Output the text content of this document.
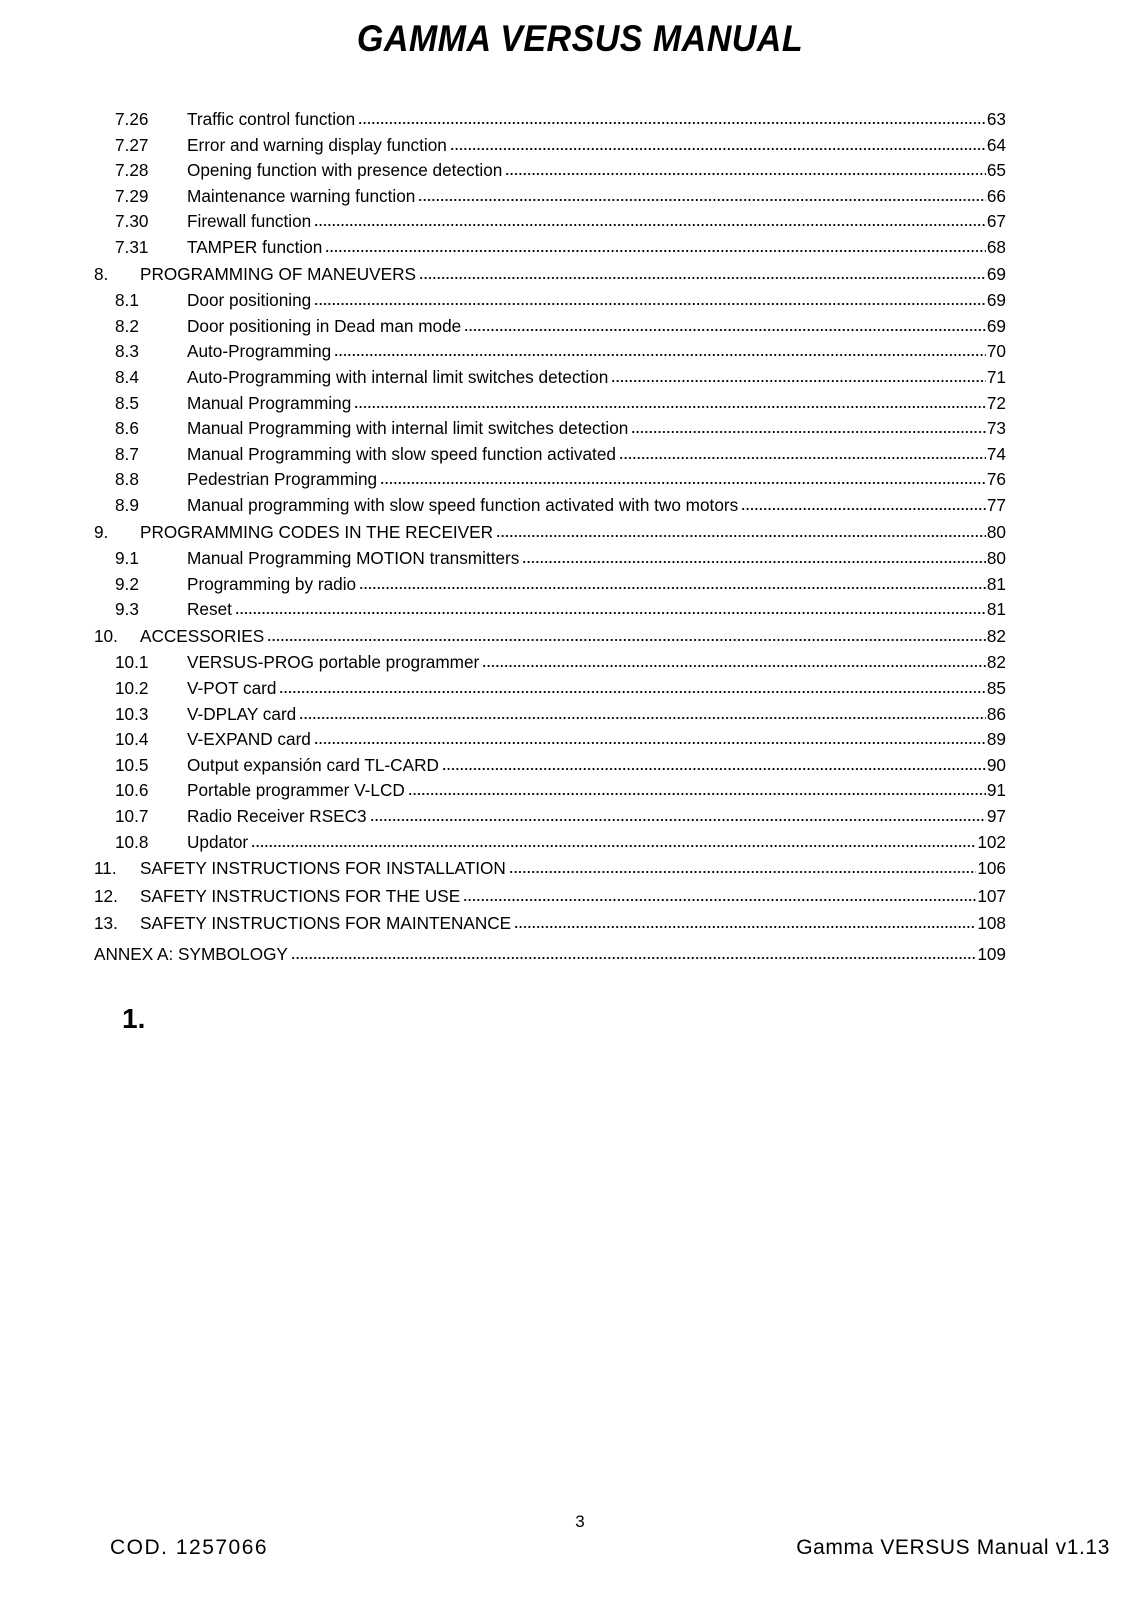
GAMMA VERSUS MANUAL
7.26	Traffic control function	63
7.27	Error and warning display function	64
7.28	Opening function with presence detection	65
7.29	Maintenance warning function	66
7.30	Firewall function	67
7.31	TAMPER function	68
8.	PROGRAMMING OF MANEUVERS	69
8.1	Door positioning	69
8.2	Door positioning in Dead man mode	69
8.3	Auto-Programming	70
8.4	Auto-Programming with internal limit switches detection	71
8.5	Manual Programming	72
8.6	Manual Programming with internal limit switches detection	73
8.7	Manual Programming with slow speed function activated	74
8.8	Pedestrian Programming	76
8.9	Manual programming with slow speed function activated with two motors	77
9.	PROGRAMMING CODES IN THE RECEIVER	80
9.1	Manual Programming MOTION transmitters	80
9.2	Programming by radio	81
9.3	Reset	81
10.	ACCESSORIES	82
10.1	VERSUS-PROG portable programmer	82
10.2	V-POT card	85
10.3	V-DPLAY card	86
10.4	V-EXPAND card	89
10.5	Output expansión card TL-CARD	90
10.6	Portable programmer V-LCD	91
10.7	Radio Receiver RSEC3	97
10.8	Updator	102
11.	SAFETY INSTRUCTIONS FOR INSTALLATION	106
12.	SAFETY INSTRUCTIONS FOR THE USE	107
13.	SAFETY INSTRUCTIONS FOR MAINTENANCE	108
ANNEX A: SYMBOLOGY	109
1.
3
COD. 1257066	Gamma VERSUS Manual v1.13
